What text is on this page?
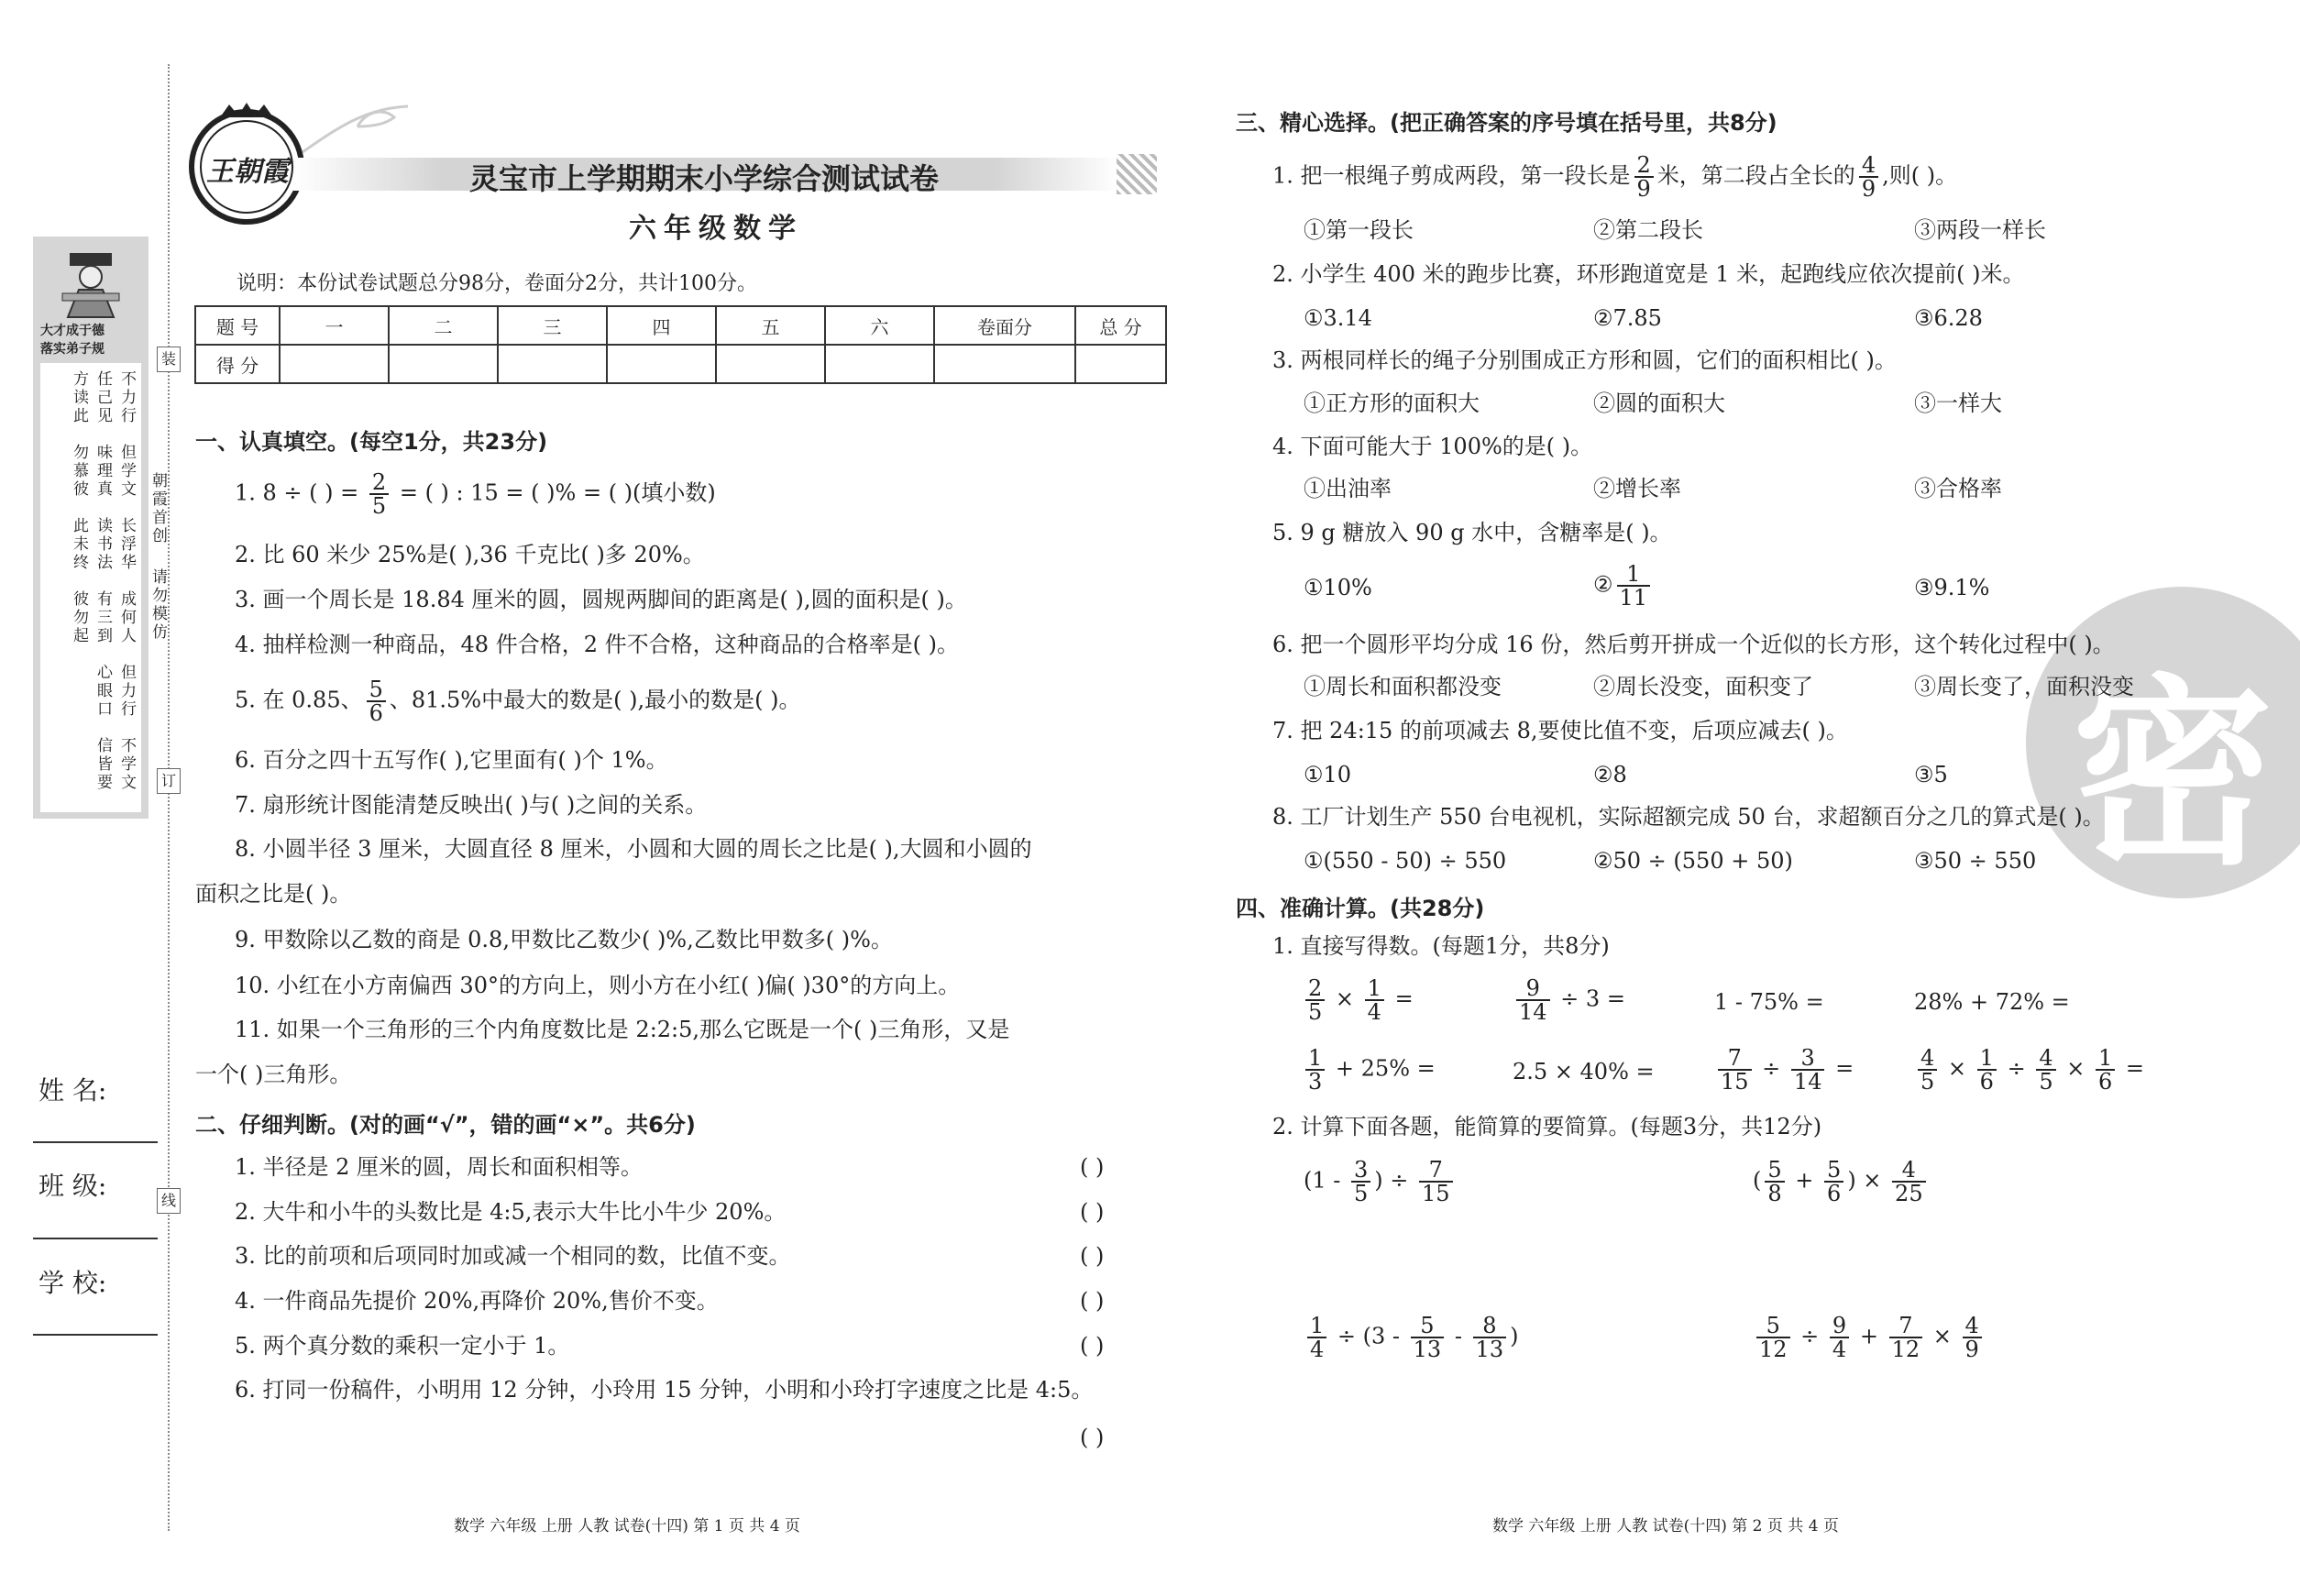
装
订
线
朝霞首创
请勿模仿
大才成于德
落实弟子规
不力行
任己见
方读此
但学文
味理真
勿慕彼
长浮华
读书法
此未终
成何人
有三到
彼勿起
但力行
心眼口
不学文
信皆要
姓 名:
班 级:
学 校:
王朝霞	灵宝市上学期期末小学综合测试试卷
六年级数学
说明：本份试卷试题总分98分，卷面分2分，共计100分。
题 号	一	二	三	四	五	六	卷面分	总 分
得 分								
一、认真填空。(每空1分，共23分)
1. 8 ÷ ( ) = $\frac{2}{5}$ = ( ) : 15 = ( )% = ( )(填小数)
2. 比 60 米少 25%是( ),36 千克比( )多 20%。
3. 画一个周长是 18.84 厘米的圆，圆规两脚间的距离是( ),圆的面积是( )。
4. 抽样检测一种商品，48 件合格，2 件不合格，这种商品的合格率是( )。
5. 在 0.85、 $\frac{5}{6}$ 、81.5%中最大的数是( ),最小的数是( )。
6. 百分之四十五写作( ),它里面有( )个 1%。
7. 扇形统计图能清楚反映出( )与( )之间的关系。
8. 小圆半径 3 厘米，大圆直径 8 厘米，小圆和大圆的周长之比是( ),大圆和小圆的
面积之比是( )。
9. 甲数除以乙数的商是 0.8,甲数比乙数少( )%,乙数比甲数多( )%。
10. 小红在小方南偏西 30°的方向上，则小方在小红( )偏( )30°的方向上。
11. 如果一个三角形的三个内角度数比是 2:2:5,那么它既是一个( )三角形，又是
一个( )三角形。
二、仔细判断。(对的画“√”，错的画“×”。共6分)
1. 半径是 2 厘米的圆，周长和面积相等。	( )
2. 大牛和小牛的头数比是 4:5,表示大牛比小牛少 20%。	( )
3. 比的前项和后项同时加或减一个相同的数，比值不变。	( )
4. 一件商品先提价 20%,再降价 20%,售价不变。	( )
5. 两个真分数的乘积一定小于 1。	( )
6. 打同一份稿件，小明用 12 分钟，小玲用 15 分钟，小明和小玲打字速度之比是 4:5。
( )
数学 六年级 上册 人教 试卷(十四) 第 1 页 共 4 页
密
三、精心选择。(把正确答案的序号填在括号里，共8分)
1. 把一根绳子剪成两段，第一段长是 $\frac{2}{9}$ 米，第二段占全长的 $\frac{4}{9}$ ,则( )。
①第一段长	②第二段长	③两段一样长
2. 小学生 400 米的跑步比赛，环形跑道宽是 1 米，起跑线应依次提前( )米。
①3.14	②7.85	③6.28
3. 两根同样长的绳子分别围成正方形和圆，它们的面积相比( )。
①正方形的面积大	②圆的面积大	③一样大
4. 下面可能大于 100%的是( )。
①出油率	②增长率	③合格率
5. 9 g 糖放入 90 g 水中，含糖率是( )。
①10%	② $\frac{1}{11}$	③9.1%
6. 把一个圆形平均分成 16 份，然后剪开拼成一个近似的长方形，这个转化过程中( )。
①周长和面积都没变	②周长没变，面积变了	③周长变了，面积没变
7. 把 24:15 的前项减去 8,要使比值不变，后项应减去( )。
①10	②8	③5
8. 工厂计划生产 550 台电视机，实际超额完成 50 台，求超额百分之几的算式是( )。
①(550 - 50) ÷ 550	②50 ÷ (550 + 50)	③50 ÷ 550
四、准确计算。(共28分)
1. 直接写得数。(每题1分，共8分)
$\frac{2}{5} \times \frac{1}{4}$ =	$\frac{9}{14} \div 3$ =	1 - 75% =	28% + 72% =
$\frac{1}{3} + 25\%$ =	2.5 × 40% =	$\frac{7}{15} \div \frac{3}{14}$ =	$\frac{4}{5} \times \frac{1}{6} \div \frac{4}{5} \times \frac{1}{6}$ =
2. 计算下面各题，能简算的要简算。(每题3分，共12分)
($1 - \frac{3}{5}$ ) ÷ $\frac{7}{15}$	( $\frac{5}{8} + \frac{5}{6}$ ) × $\frac{4}{25}$
$\frac{1}{4} \div (3 - \frac{5}{13} - \frac{8}{13}$ )	$\frac{5}{12} \div \frac{9}{4} + \frac{7}{12} \times \frac{4}{9}$
数学 六年级 上册 人教 试卷(十四) 第 2 页 共 4 页
